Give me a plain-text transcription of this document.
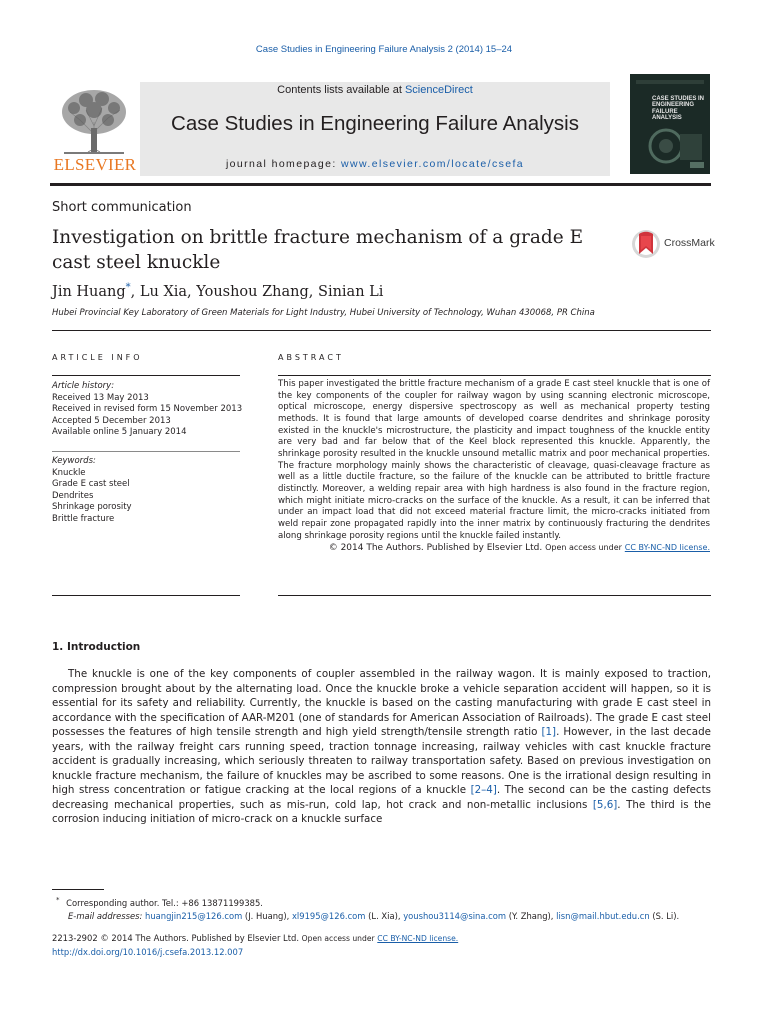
Case Studies in Engineering Failure Analysis 2 (2014) 15–24
Contents lists available at ScienceDirect
Case Studies in Engineering Failure Analysis
journal homepage: www.elsevier.com/locate/csefa
ELSEVIER
CASE STUDIES IN ENGINEERING FAILURE ANALYSIS
Short communication
Investigation on brittle fracture mechanism of a grade E cast steel knuckle
CrossMark
Jin Huang*, Lu Xia, Youshou Zhang, Sinian Li
Hubei Provincial Key Laboratory of Green Materials for Light Industry, Hubei University of Technology, Wuhan 430068, PR China
ARTICLE INFO
Article history:
Received 13 May 2013
Received in revised form 15 November 2013
Accepted 5 December 2013
Available online 5 January 2014
Keywords:
Knuckle
Grade E cast steel
Dendrites
Shrinkage porosity
Brittle fracture
ABSTRACT
This paper investigated the brittle fracture mechanism of a grade E cast steel knuckle that is one of the key components of the coupler for railway wagon by using scanning electronic microscope, optical microscope, energy dispersive spectroscopy as well as mechanical property testing methods. It is found that large amounts of developed coarse dendrites and shrinkage porosity existed in the knuckle's microstructure, the plasticity and impact toughness of the knuckle entity are very bad and far below that of the Keel block represented this knuckle. Apparently, the shrinkage porosity resulted in the knuckle unsound metallic matrix and poor mechanical properties. The fracture morphology mainly shows the characteristic of cleavage, quasi-cleavage fracture as well as a little ductile fracture, so the failure of the knuckle can be attributed to brittle fracture distinctly. Moreover, a welding repair area with high hardness is also found in the fracture region, which might initiate micro-cracks on the surface of the knuckle. As a result, it can be inferred that under an impact load that did not exceed material fracture limit, the micro-cracks initiated from weld repair zone propagated rapidly into the inner matrix by continuously fracturing the dendrites along shrinkage porosity regions until the knuckle failed instantly.
© 2014 The Authors. Published by Elsevier Ltd. Open access under CC BY-NC-ND license.
1. Introduction
The knuckle is one of the key components of coupler assembled in the railway wagon. It is mainly exposed to traction, compression brought about by the alternating load. Once the knuckle broke a vehicle separation accident will happen, so it is essential for its safety and reliability. Currently, the knuckle is based on the casting manufacturing with grade E cast steel in accordance with the specification of AAR-M201 (one of standards for American Association of Railroads). The grade E cast steel possesses the features of high tensile strength and high yield strength/tensile strength ratio [1]. However, in the last decade years, with the railway freight cars running speed, traction tonnage increasing, railway vehicles with cast knuckle fracture accident is gradually increasing, which seriously threaten to railway transportation safety. Based on previous investigation on knuckle fracture mechanism, the failure of knuckles may be ascribed to some reasons. One is the irrational design resulting in high stress concentration or fatigue cracking at the local regions of a knuckle [2–4]. The second can be the casting defects decreasing mechanical properties, such as mis-run, cold lap, hot crack and non-metallic inclusions [5,6]. The third is the corrosion inducing initiation of micro-crack on a knuckle surface
* Corresponding author. Tel.: +86 13871199385.
E-mail addresses: huangjin215@126.com (J. Huang), xl9195@126.com (L. Xia), youshou3114@sina.com (Y. Zhang), lisn@mail.hbut.edu.cn (S. Li).
2213-2902 © 2014 The Authors. Published by Elsevier Ltd. Open access under CC BY-NC-ND license.
http://dx.doi.org/10.1016/j.csefa.2013.12.007
